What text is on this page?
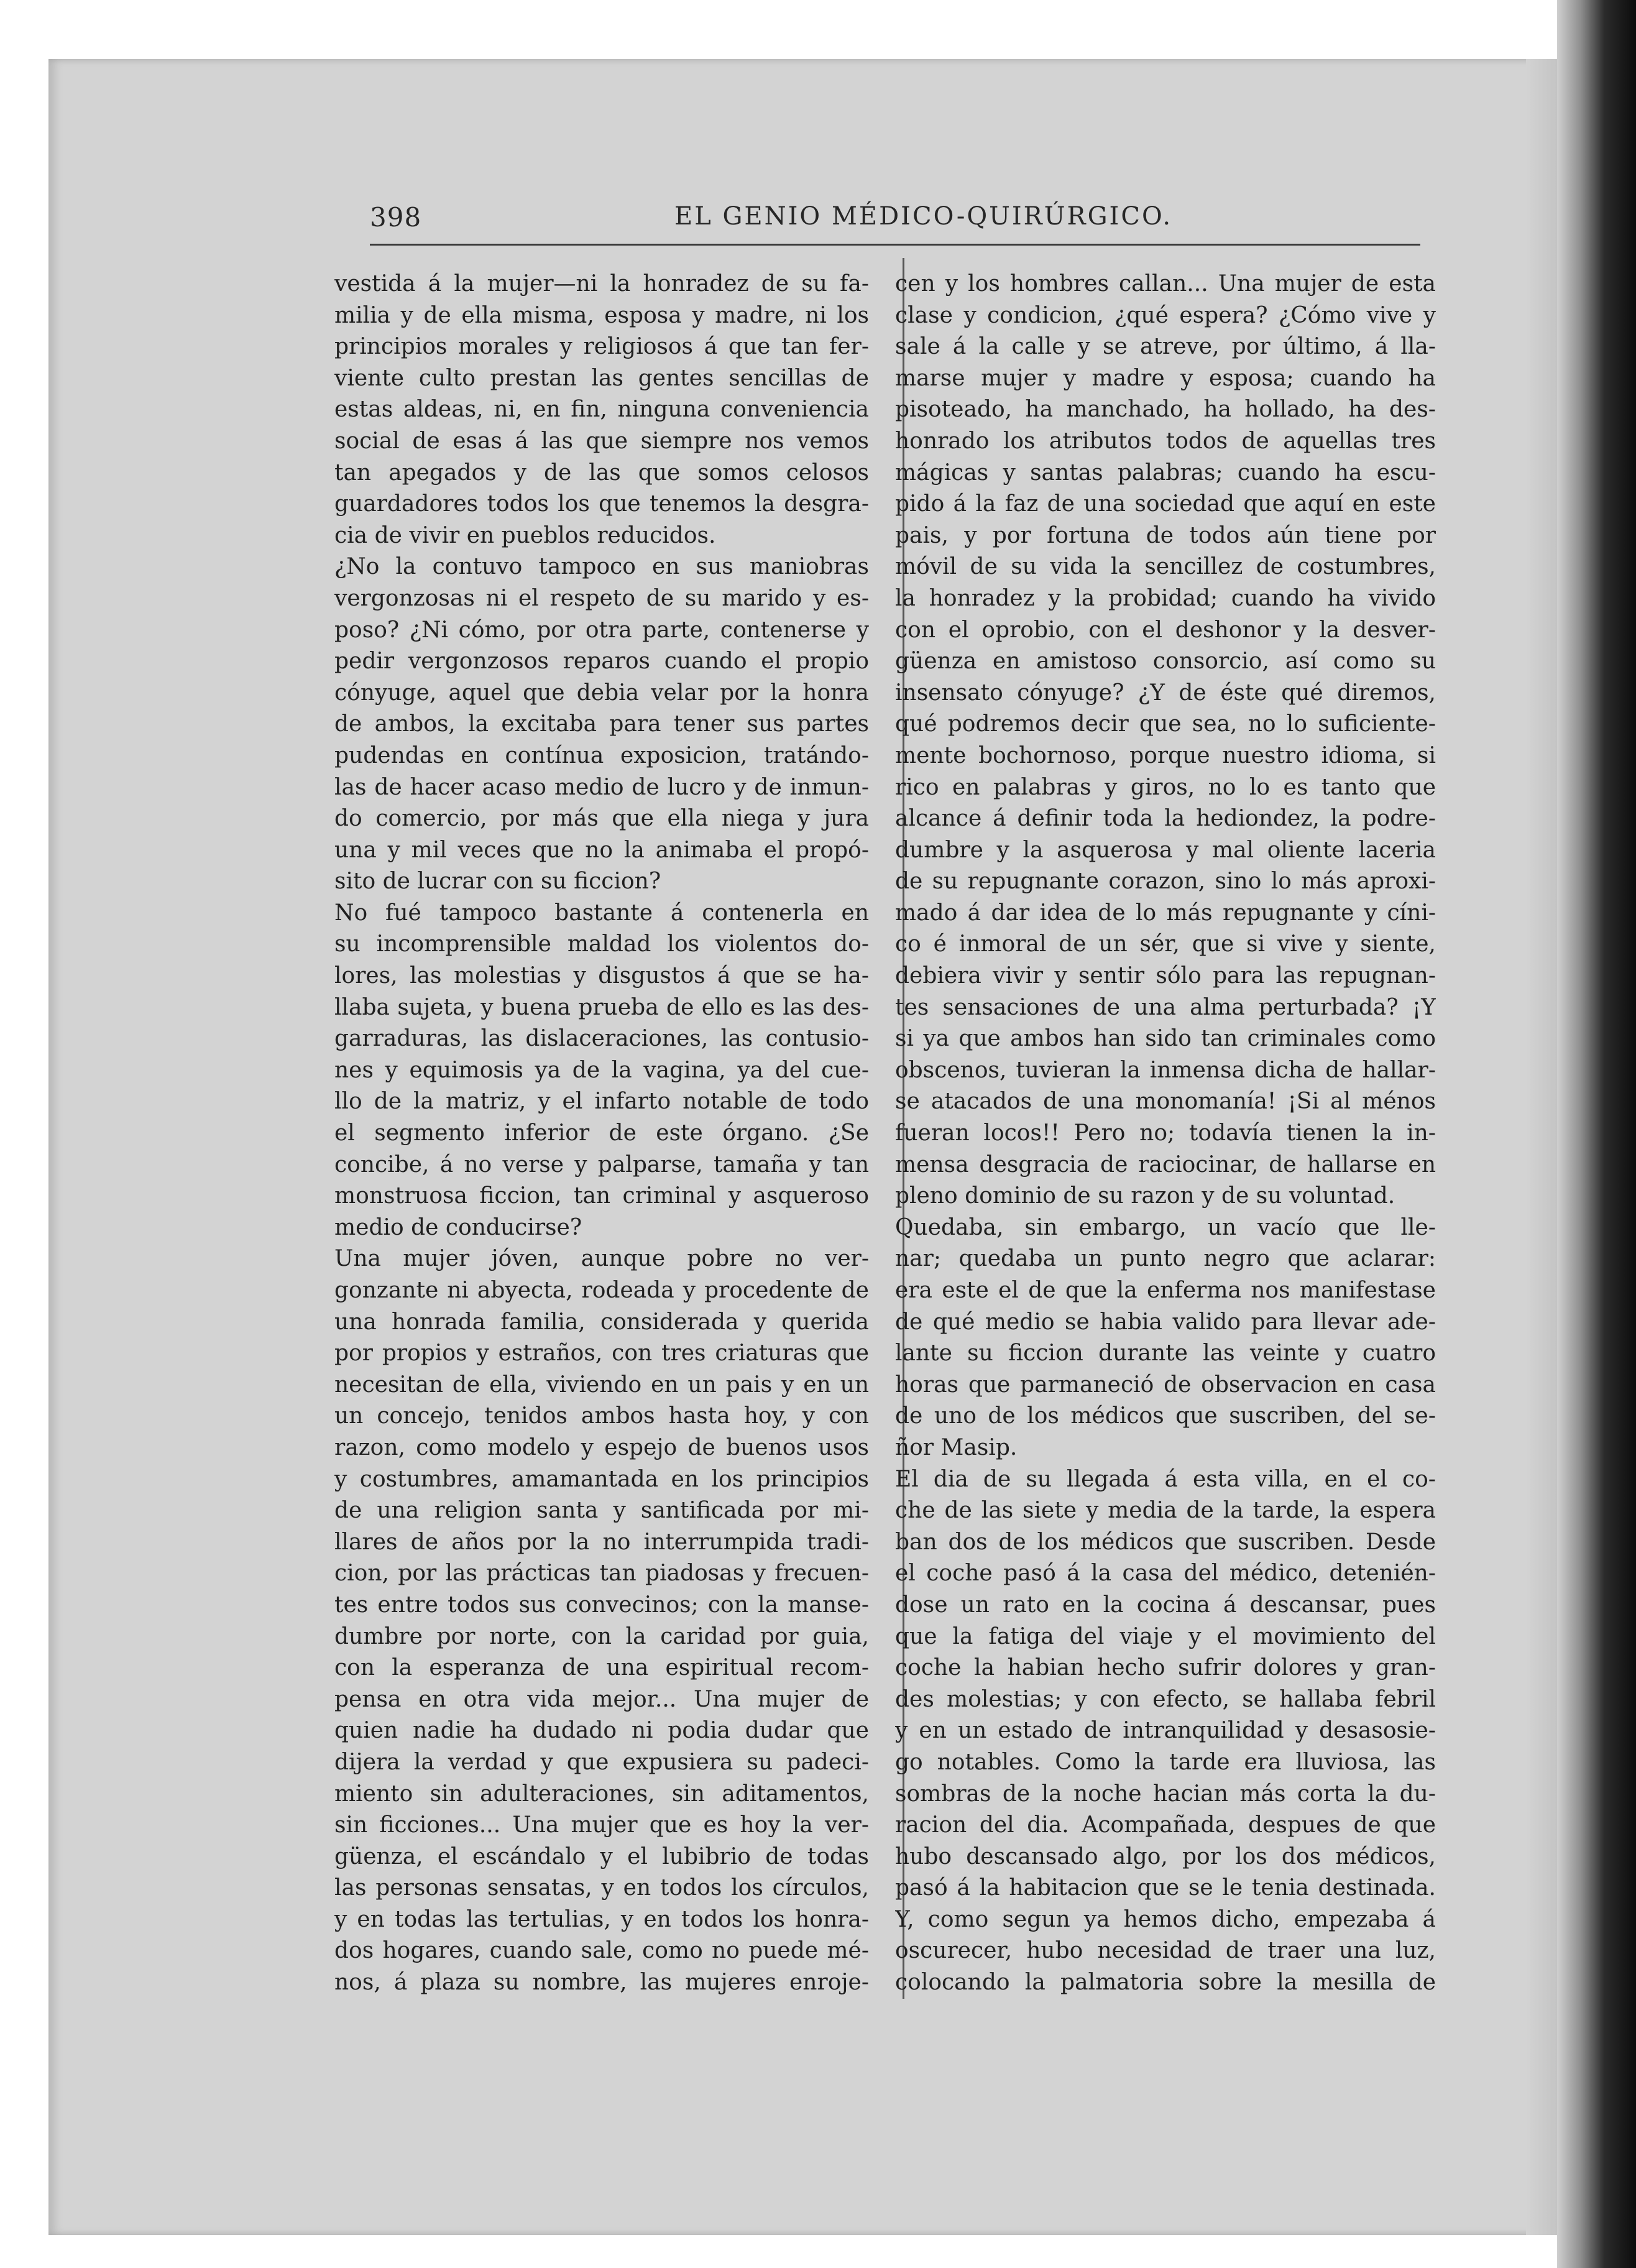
398	EL GENIO MÉDICO-QUIRÚRGICO.
vestida á la mujer—ni la honradez de su fa-
milia y de ella misma, esposa y madre, ni los
principios morales y religiosos á que tan fer-
viente culto prestan las gentes sencillas de
estas aldeas, ni, en fin, ninguna conveniencia
social de esas á las que siempre nos vemos
tan apegados y de las que somos celosos
guardadores todos los que tenemos la desgra-
cia de vivir en pueblos reducidos.
¿No la contuvo tampoco en sus maniobras
vergonzosas ni el respeto de su marido y es-
poso? ¿Ni cómo, por otra parte, contenerse y
pedir vergonzosos reparos cuando el propio
cónyuge, aquel que debia velar por la honra
de ambos, la excitaba para tener sus partes
pudendas en contínua exposicion, tratándo-
las de hacer acaso medio de lucro y de inmun-
do comercio, por más que ella niega y jura
una y mil veces que no la animaba el propó-
sito de lucrar con su ficcion?
No fué tampoco bastante á contenerla en
su incomprensible maldad los violentos do-
lores, las molestias y disgustos á que se ha-
llaba sujeta, y buena prueba de ello es las des-
garraduras, las dislaceraciones, las contusio-
nes y equimosis ya de la vagina, ya del cue-
llo de la matriz, y el infarto notable de todo
el segmento inferior de este órgano. ¿Se
concibe, á no verse y palparse, tamaña y tan
monstruosa ficcion, tan criminal y asqueroso
medio de conducirse?
Una mujer jóven, aunque pobre no ver-
gonzante ni abyecta, rodeada y procedente de
una honrada familia, considerada y querida
por propios y estraños, con tres criaturas que
necesitan de ella, viviendo en un pais y en un
un concejo, tenidos ambos hasta hoy, y con
razon, como modelo y espejo de buenos usos
y costumbres, amamantada en los principios
de una religion santa y santificada por mi-
llares de años por la no interrumpida tradi-
cion, por las prácticas tan piadosas y frecuen-
tes entre todos sus convecinos; con la manse-
dumbre por norte, con la caridad por guia,
con la esperanza de una espiritual recom-
pensa en otra vida mejor... Una mujer de
quien nadie ha dudado ni podia dudar que
dijera la verdad y que expusiera su padeci-
miento sin adulteraciones, sin aditamentos,
sin ficciones... Una mujer que es hoy la ver-
güenza, el escándalo y el lubibrio de todas
las personas sensatas, y en todos los círculos,
y en todas las tertulias, y en todos los honra-
dos hogares, cuando sale, como no puede mé-
nos, á plaza su nombre, las mujeres enroje-
cen y los hombres callan... Una mujer de esta
clase y condicion, ¿qué espera? ¿Cómo vive y
sale á la calle y se atreve, por último, á lla-
marse mujer y madre y esposa; cuando ha
pisoteado, ha manchado, ha hollado, ha des-
honrado los atributos todos de aquellas tres
mágicas y santas palabras; cuando ha escu-
pido á la faz de una sociedad que aquí en este
pais, y por fortuna de todos aún tiene por
móvil de su vida la sencillez de costumbres,
la honradez y la probidad; cuando ha vivido
con el oprobio, con el deshonor y la desver-
güenza en amistoso consorcio, así como su
insensato cónyuge? ¿Y de éste qué diremos,
qué podremos decir que sea, no lo suficiente-
mente bochornoso, porque nuestro idioma, si
rico en palabras y giros, no lo es tanto que
alcance á definir toda la hediondez, la podre-
dumbre y la asquerosa y mal oliente laceria
de su repugnante corazon, sino lo más aproxi-
mado á dar idea de lo más repugnante y cíni-
co é inmoral de un sér, que si vive y siente,
debiera vivir y sentir sólo para las repugnan-
tes sensaciones de una alma perturbada? ¡Y
si ya que ambos han sido tan criminales como
obscenos, tuvieran la inmensa dicha de hallar-
se atacados de una monomanía! ¡Si al ménos
fueran locos!! Pero no; todavía tienen la in-
mensa desgracia de raciocinar, de hallarse en
pleno dominio de su razon y de su voluntad.
Quedaba, sin embargo, un vacío que lle-
nar; quedaba un punto negro que aclarar:
era este el de que la enferma nos manifestase
de qué medio se habia valido para llevar ade-
lante su ficcion durante las veinte y cuatro
horas que parmaneció de observacion en casa
de uno de los médicos que suscriben, del se-
ñor Masip.
El dia de su llegada á esta villa, en el co-
che de las siete y media de la tarde, la espera
ban dos de los médicos que suscriben. Desde
el coche pasó á la casa del médico, detenién-
dose un rato en la cocina á descansar, pues
que la fatiga del viaje y el movimiento del
coche la habian hecho sufrir dolores y gran-
des molestias; y con efecto, se hallaba febril
y en un estado de intranquilidad y desasosie-
go notables. Como la tarde era lluviosa, las
sombras de la noche hacian más corta la du-
racion del dia. Acompañada, despues de que
hubo descansado algo, por los dos médicos,
pasó á la habitacion que se le tenia destinada.
Y, como segun ya hemos dicho, empezaba á
oscurecer, hubo necesidad de traer una luz,
colocando la palmatoria sobre la mesilla de
